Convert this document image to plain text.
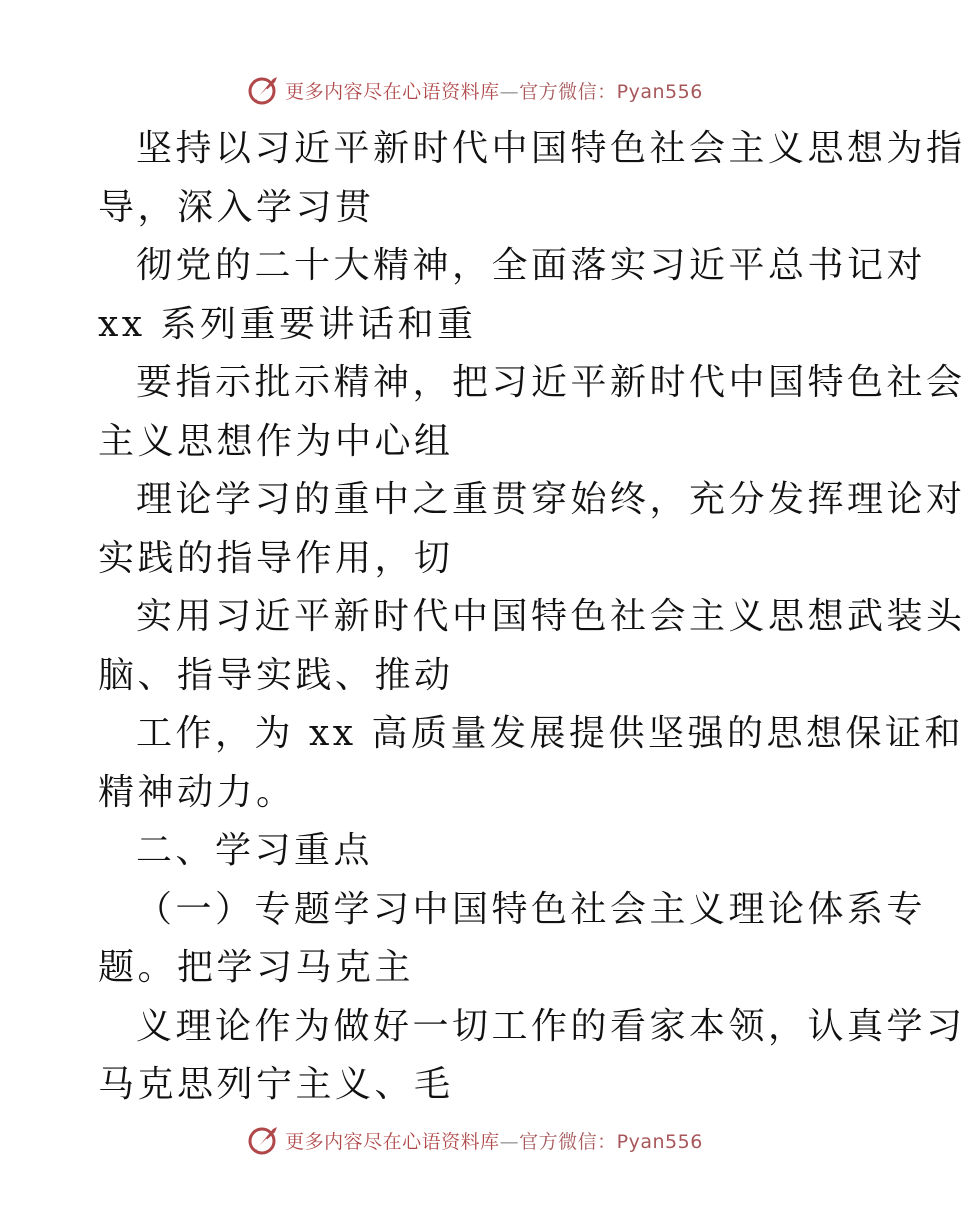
更多内容尽在心语资料库—官方微信：Pyan556
坚持以习近平新时代中国特色社会主义思想为指
导，深入学习贯
彻党的二十大精神，全面落实习近平总书记对
xx 系列重要讲话和重
要指示批示精神，把习近平新时代中国特色社会
主义思想作为中心组
理论学习的重中之重贯穿始终，充分发挥理论对
实践的指导作用，切
实用习近平新时代中国特色社会主义思想武装头
脑、指导实践、推动
工作，为 xx 高质量发展提供坚强的思想保证和
精神动力。
二、学习重点
（一）专题学习中国特色社会主义理论体系专
题。把学习马克主
义理论作为做好一切工作的看家本领，认真学习
马克思列宁主义、毛
更多内容尽在心语资料库—官方微信：Pyan556
